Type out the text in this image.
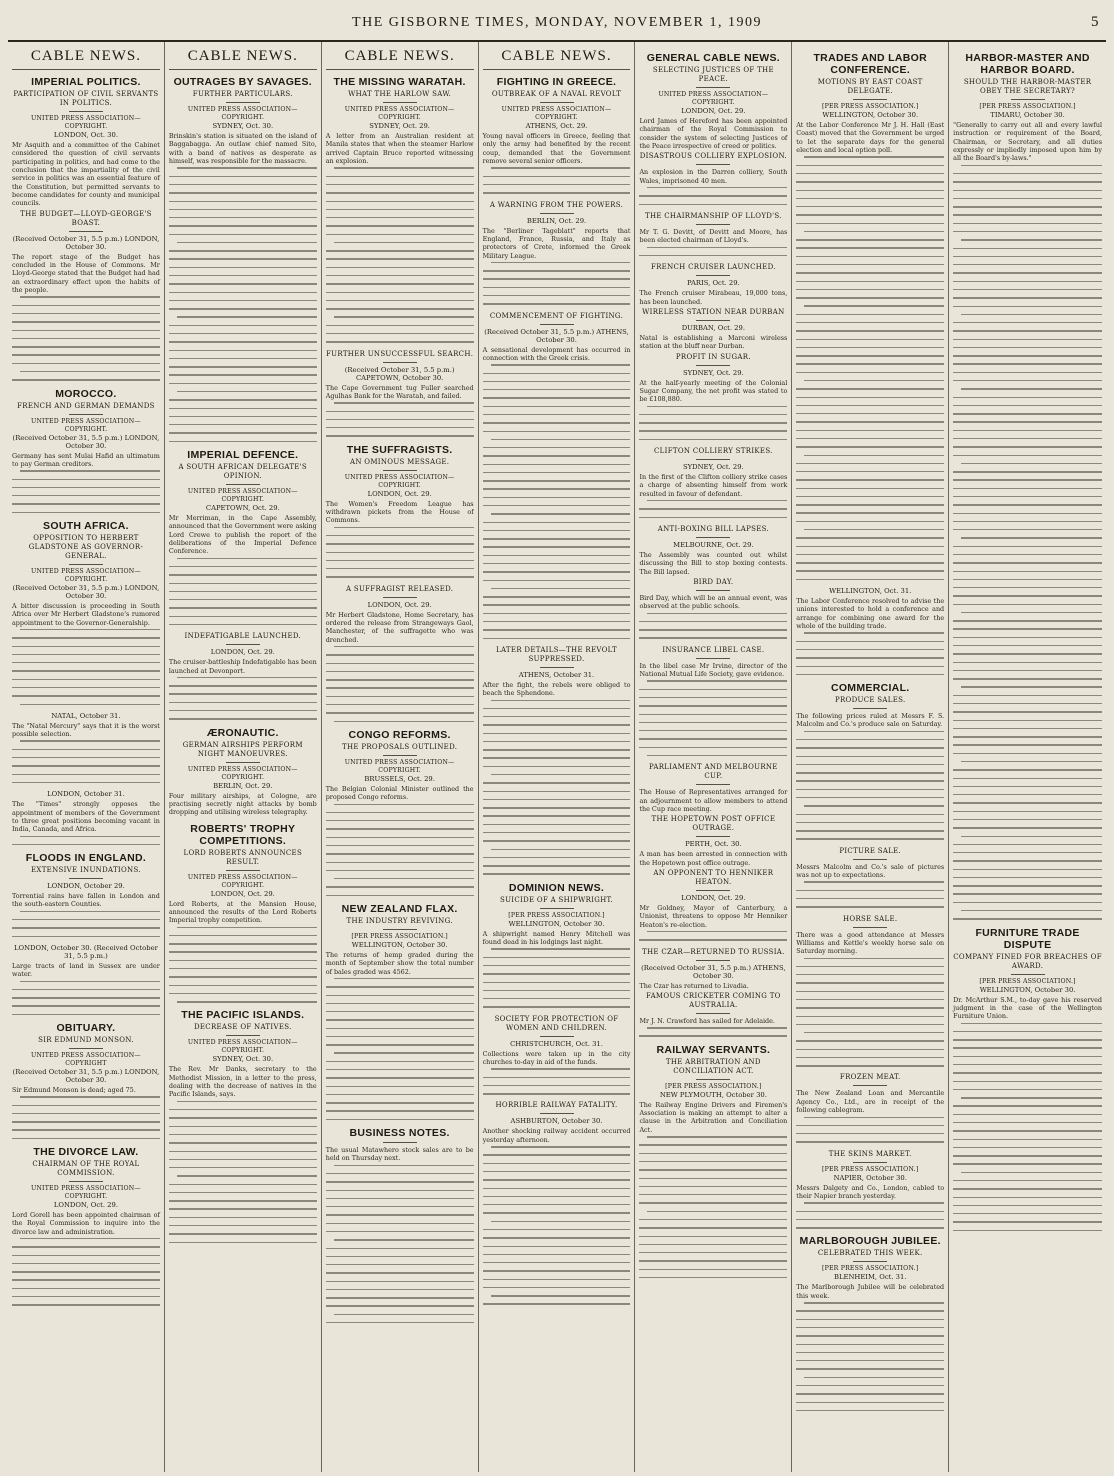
THE GISBORNE TIMES, MONDAY, NOVEMBER 1, 1909	5
CABLE NEWS.
IMPERIAL POLITICS.
PARTICIPATION OF CIVIL SERVANTS IN POLITICS.
UNITED PRESS ASSOCIATION—COPYRIGHT.
LONDON, Oct. 30.
Mr Asquith and a committee of the Cabinet considered the question of civil servants participating in politics, and had come to the conclusion that the impartiality of the civil service in politics was an essential feature of the Constitution, but permitted servants to become candidates for county and municipal councils.
THE BUDGET—LLOYD-GEORGE'S BOAST.
(Received October 31, 5.5 p.m.) LONDON, October 30.
The report stage of the Budget has concluded in the House of Commons. Mr Lloyd-George stated that the Budget had had an extraordinary effect upon the habits of the people.
MOROCCO.
FRENCH AND GERMAN DEMANDS
UNITED PRESS ASSOCIATION—COPYRIGHT.
(Received October 31, 5.5 p.m.) LONDON, October 30.
Germany has sent Mulai Hafid an ultimatum to pay German creditors.
SOUTH AFRICA.
OPPOSITION TO HERBERT GLADSTONE AS GOVERNOR-GENERAL.
UNITED PRESS ASSOCIATION—COPYRIGHT.
(Received October 31, 5.5 p.m.) LONDON, October 30.
A bitter discussion is proceeding in South Africa over Mr Herbert Gladstone's rumored appointment to the Governor-Generalship.
NATAL, October 31.
The "Natal Mercury" says that it is the worst possible selection.
LONDON, October 31.
The "Times" strongly opposes the appointment of members of the Government to three great positions becoming vacant in India, Canada, and Africa.
FLOODS IN ENGLAND.
EXTENSIVE INUNDATIONS.
LONDON, October 29.
Torrential rains have fallen in London and the south-eastern Counties.
LONDON, October 30. (Received October 31, 5.5 p.m.)
Large tracts of land in Sussex are under water.
OBITUARY.
SIR EDMUND MONSON.
UNITED PRESS ASSOCIATION—COPYRIGHT
(Received October 31, 5.5 p.m.) LONDON, October 30.
Sir Edmund Monson is dead; aged 75.
THE DIVORCE LAW.
CHAIRMAN OF THE ROYAL COMMISSION.
UNITED PRESS ASSOCIATION—COPYRIGHT.
LONDON, Oct. 29.
Lord Gorell has been appointed chairman of the Royal Commission to inquire into the divorce law and administration.
CABLE NEWS.
OUTRAGES BY SAVAGES.
FURTHER PARTICULARS.
UNITED PRESS ASSOCIATION—COPYRIGHT.
SYDNEY, Oct. 30.
Brinskin's station is situated on the island of Baggabagga. An outlaw chief named Sito, with a band of natives as desperate as himself, was responsible for the massacre.
IMPERIAL DEFENCE.
A SOUTH AFRICAN DELEGATE'S OPINION.
UNITED PRESS ASSOCIATION—COPYRIGHT.
CAPETOWN, Oct. 29.
Mr Merriman, in the Cape Assembly, announced that the Government were asking Lord Crewe to publish the report of the deliberations of the Imperial Defence Conference.
INDEFATIGABLE LAUNCHED.
LONDON, Oct. 29.
The cruiser-battleship Indefatigable has been launched at Devonport.
ÆRONAUTIC.
GERMAN AIRSHIPS PERFORM NIGHT MANOEUVRES.
UNITED PRESS ASSOCIATION—COPYRIGHT.
BERLIN, Oct. 29.
Four military airships, at Cologne, are practising secretly night attacks by bomb dropping and utilising wireless telegraphy.
ROBERTS' TROPHY COMPETITIONS.
LORD ROBERTS ANNOUNCES RESULT.
UNITED PRESS ASSOCIATION—COPYRIGHT.
LONDON, Oct. 29.
Lord Roberts, at the Mansion House, announced the results of the Lord Roberts Imperial trophy competition.
THE PACIFIC ISLANDS.
DECREASE OF NATIVES.
UNITED PRESS ASSOCIATION—COPYRIGHT.
SYDNEY, Oct. 30.
The Rev. Mr Danks, secretary to the Methodist Mission, in a letter to the press, dealing with the decrease of natives in the Pacific Islands, says.
CABLE NEWS.
THE MISSING WARATAH.
WHAT THE HARLOW SAW.
UNITED PRESS ASSOCIATION—COPYRIGHT.
SYDNEY, Oct. 29.
A letter from an Australian resident at Manila states that when the steamer Harlow arrived Captain Bruce reported witnessing an explosion.
FURTHER UNSUCCESSFUL SEARCH.
(Received October 31, 5.5 p.m.) CAPETOWN, October 30.
The Cape Government tug Fuller searched Agulhas Bank for the Waratah, and failed.
THE SUFFRAGISTS.
AN OMINOUS MESSAGE.
UNITED PRESS ASSOCIATION—COPYRIGHT.
LONDON, Oct. 29.
The Women's Freedom League has withdrawn pickets from the House of Commons.
A SUFFRAGIST RELEASED.
LONDON, Oct. 29.
Mr Herbert Gladstone, Home Secretary, has ordered the release from Strangeways Gaol, Manchester, of the suffragette who was drenched.
CONGO REFORMS.
THE PROPOSALS OUTLINED.
UNITED PRESS ASSOCIATION—COPYRIGHT.
BRUSSELS, Oct. 29.
The Belgian Colonial Minister outlined the proposed Congo reforms.
NEW ZEALAND FLAX.
THE INDUSTRY REVIVING.
[PER PRESS ASSOCIATION.]
WELLINGTON, October 30.
The returns of hemp graded during the month of September show the total number of bales graded was 4562.
BUSINESS NOTES.
The usual Matawhero stock sales are to be held on Thursday next.
CABLE NEWS.
FIGHTING IN GREECE.
OUTBREAK OF A NAVAL REVOLT
UNITED PRESS ASSOCIATION—COPYRIGHT.
ATHENS, Oct. 29.
Young naval officers in Greece, feeling that only the army had benefited by the recent coup, demanded that the Government remove several senior officers.
A WARNING FROM THE POWERS.
BERLIN, Oct. 29.
The "Berliner Tageblatt" reports that England, France, Russia, and Italy as protectors of Crete, informed the Greek Military League.
COMMENCEMENT OF FIGHTING.
(Received October 31, 5.5 p.m.) ATHENS, October 30.
A sensational development has occurred in connection with the Greek crisis.
LATER DETAILS—THE REVOLT SUPPRESSED.
ATHENS, October 31.
After the fight, the rebels were obliged to beach the Sphendone.
DOMINION NEWS.
SUICIDE OF A SHIPWRIGHT.
[PER PRESS ASSOCIATION.]
WELLINGTON, October 30.
A shipwright named Henry Mitchell was found dead in his lodgings last night.
SOCIETY FOR PROTECTION OF WOMEN AND CHILDREN.
CHRISTCHURCH, Oct. 31.
Collections were taken up in the city churches to-day in aid of the funds.
HORRIBLE RAILWAY FATALITY.
ASHBURTON, October 30.
Another shocking railway accident occurred yesterday afternoon.
GENERAL CABLE NEWS.
SELECTING JUSTICES OF THE PEACE.
UNITED PRESS ASSOCIATION—COPYRIGHT.
LONDON, Oct. 29.
Lord James of Hereford has been appointed chairman of the Royal Commission to consider the system of selecting Justices of the Peace irrespective of creed or politics.
DISASTROUS COLLIERY EXPLOSION.
An explosion in the Darren colliery, South Wales, imprisoned 40 men.
THE CHAIRMANSHIP OF LLOYD'S.
Mr T. G. Devitt, of Devitt and Moore, has been elected chairman of Lloyd's.
FRENCH CRUISER LAUNCHED.
PARIS, Oct. 29.
The French cruiser Mirabeau, 19,000 tons, has been launched.
WIRELESS STATION NEAR DURBAN
DURBAN, Oct. 29.
Natal is establishing a Marconi wireless station at the bluff near Durban.
PROFIT IN SUGAR.
SYDNEY, Oct. 29.
At the half-yearly meeting of the Colonial Sugar Company, the net profit was stated to be £108,880.
CLIFTON COLLIERY STRIKES.
SYDNEY, Oct. 29.
In the first of the Clifton colliery strike cases a charge of absenting himself from work resulted in favour of defendant.
ANTI-BOXING BILL LAPSES.
MELBOURNE, Oct. 29.
The Assembly was counted out whilst discussing the Bill to stop boxing contests. The Bill lapsed.
BIRD DAY.
Bird Day, which will be an annual event, was observed at the public schools.
INSURANCE LIBEL CASE.
In the libel case Mr Irvine, director of the National Mutual Life Society, gave evidence.
PARLIAMENT AND MELBOURNE CUP.
The House of Representatives arranged for an adjournment to allow members to attend the Cup race meeting.
THE HOPETOWN POST OFFICE OUTRAGE.
PERTH, Oct. 30.
A man has been arrested in connection with the Hopetown post office outrage.
AN OPPONENT TO HENNIKER HEATON.
LONDON, Oct. 29.
Mr Goldney, Mayor of Canterbury, a Unionist, threatens to oppose Mr Henniker Heaton's re-election.
THE CZAR—RETURNED TO RUSSIA.
(Received October 31, 5.5 p.m.) ATHENS, October 30.
The Czar has returned to Livadia.
FAMOUS CRICKETER COMING TO AUSTRALIA.
Mr J. N. Crawford has sailed for Adelaide.
RAILWAY SERVANTS.
THE ARBITRATION AND CONCILIATION ACT.
[PER PRESS ASSOCIATION.]
NEW PLYMOUTH, October 30.
The Railway Engine Drivers and Firemen's Association is making an attempt to alter a clause in the Arbitration and Conciliation Act.
TRADES AND LABOR CONFERENCE.
MOTIONS BY EAST COAST DELEGATE.
[PER PRESS ASSOCIATION.]
WELLINGTON, October 30.
At the Labor Conference Mr J. H. Hall (East Coast) moved that the Government be urged to let the separate days for the general election and local option poll.
WELLINGTON, Oct. 31.
The Labor Conference resolved to advise the unions interested to hold a conference and arrange for combining one award for the whole of the building trade.
COMMERCIAL.
PRODUCE SALES.
The following prices ruled at Messrs F. S. Malcolm and Co.'s produce sale on Saturday.
PICTURE SALE.
Messrs Malcolm and Co.'s sale of pictures was not up to expectations.
HORSE SALE.
There was a good attendance at Messrs Williams and Kettle's weekly horse sale on Saturday morning.
FROZEN MEAT.
The New Zealand Loan and Mercantile Agency Co., Ltd., are in receipt of the following cablegram.
THE SKINS MARKET.
[PER PRESS ASSOCIATION.]
NAPIER, October 30.
Messrs Dalgety and Co., London, cabled to their Napier branch yesterday.
MARLBOROUGH JUBILEE.
CELEBRATED THIS WEEK.
[PER PRESS ASSOCIATION.]
BLENHEIM, Oct. 31.
The Marlborough Jubilee will be celebrated this week.
HARBOR-MASTER AND HARBOR BOARD.
SHOULD THE HARBOR-MASTER OBEY THE SECRETARY?
[PER PRESS ASSOCIATION.]
TIMARU, October 30.
"Generally to carry out all and every lawful instruction or requirement of the Board, Chairman, or Secretary, and all duties expressly or impliedly imposed upon him by all the Board's by-laws."
FURNITURE TRADE DISPUTE
COMPANY FINED FOR BREACHES OF AWARD.
[PER PRESS ASSOCIATION.]
WELLINGTON, October 30.
Dr. McArthur S.M., to-day gave his reserved judgment in the case of the Wellington Furniture Union.
